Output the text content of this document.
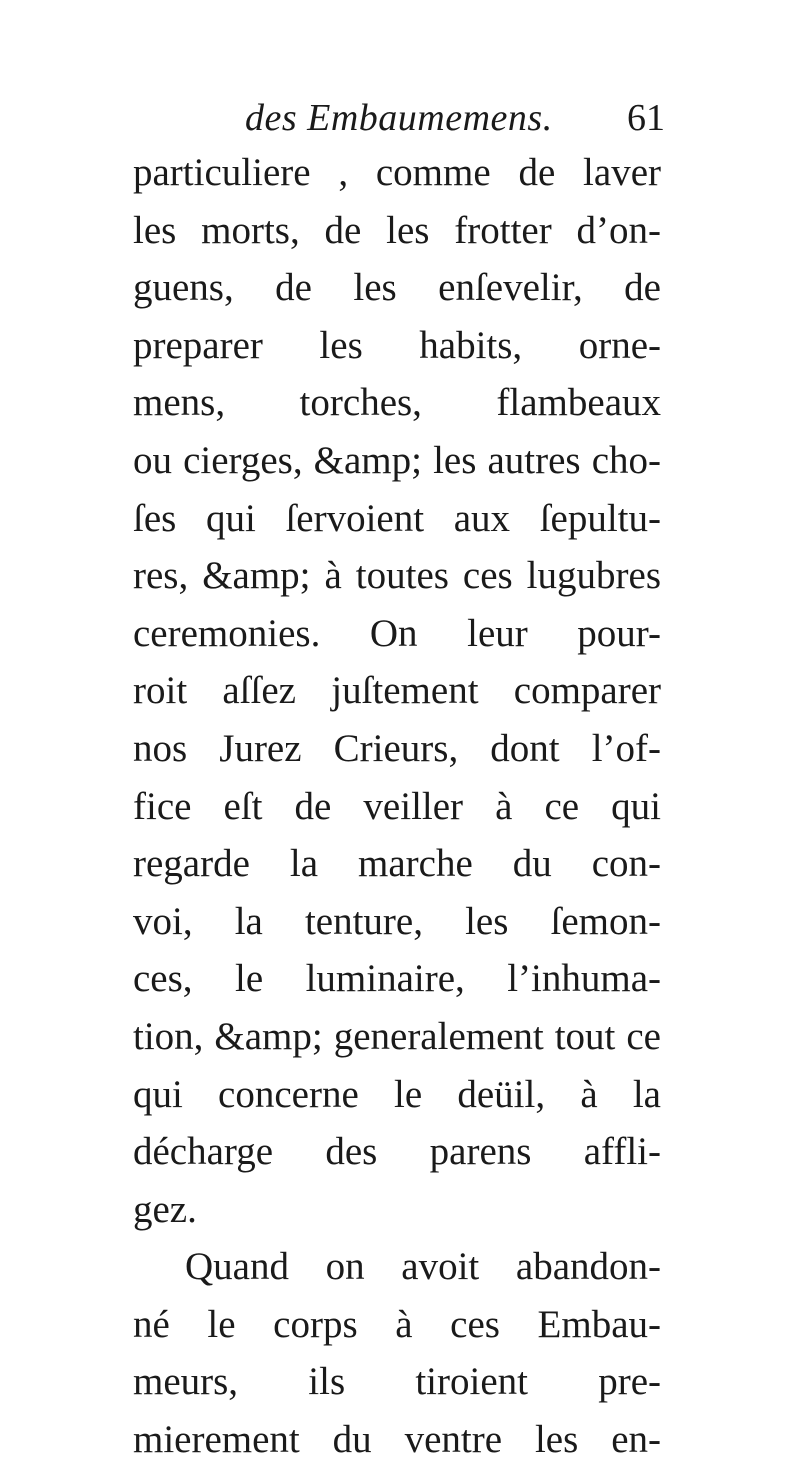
des Embaumemens. 61
particuliere , comme de laver
les morts, de les frotter d’on-
guens, de les enſevelir, de
preparer les habits, orne-
mens, torches, flambeaux
ou cierges, &amp; les autres cho-
ſes qui ſervoient aux ſepultu-
res, &amp; à toutes ces lugubres
ceremonies. On leur pour-
roit aſſez juſtement comparer
nos Jurez Crieurs, dont l’of-
fice eſt de veiller à ce qui
regarde la marche du con-
voi, la tenture, les ſemon-
ces, le luminaire, l’inhuma-
tion, &amp; generalement tout ce
qui concerne le deüil, à la
décharge des parens affli-
gez.
Quand on avoit abandon-
né le corps à ces Embau-
meurs, ils tiroient pre-
mierement du ventre les en-
